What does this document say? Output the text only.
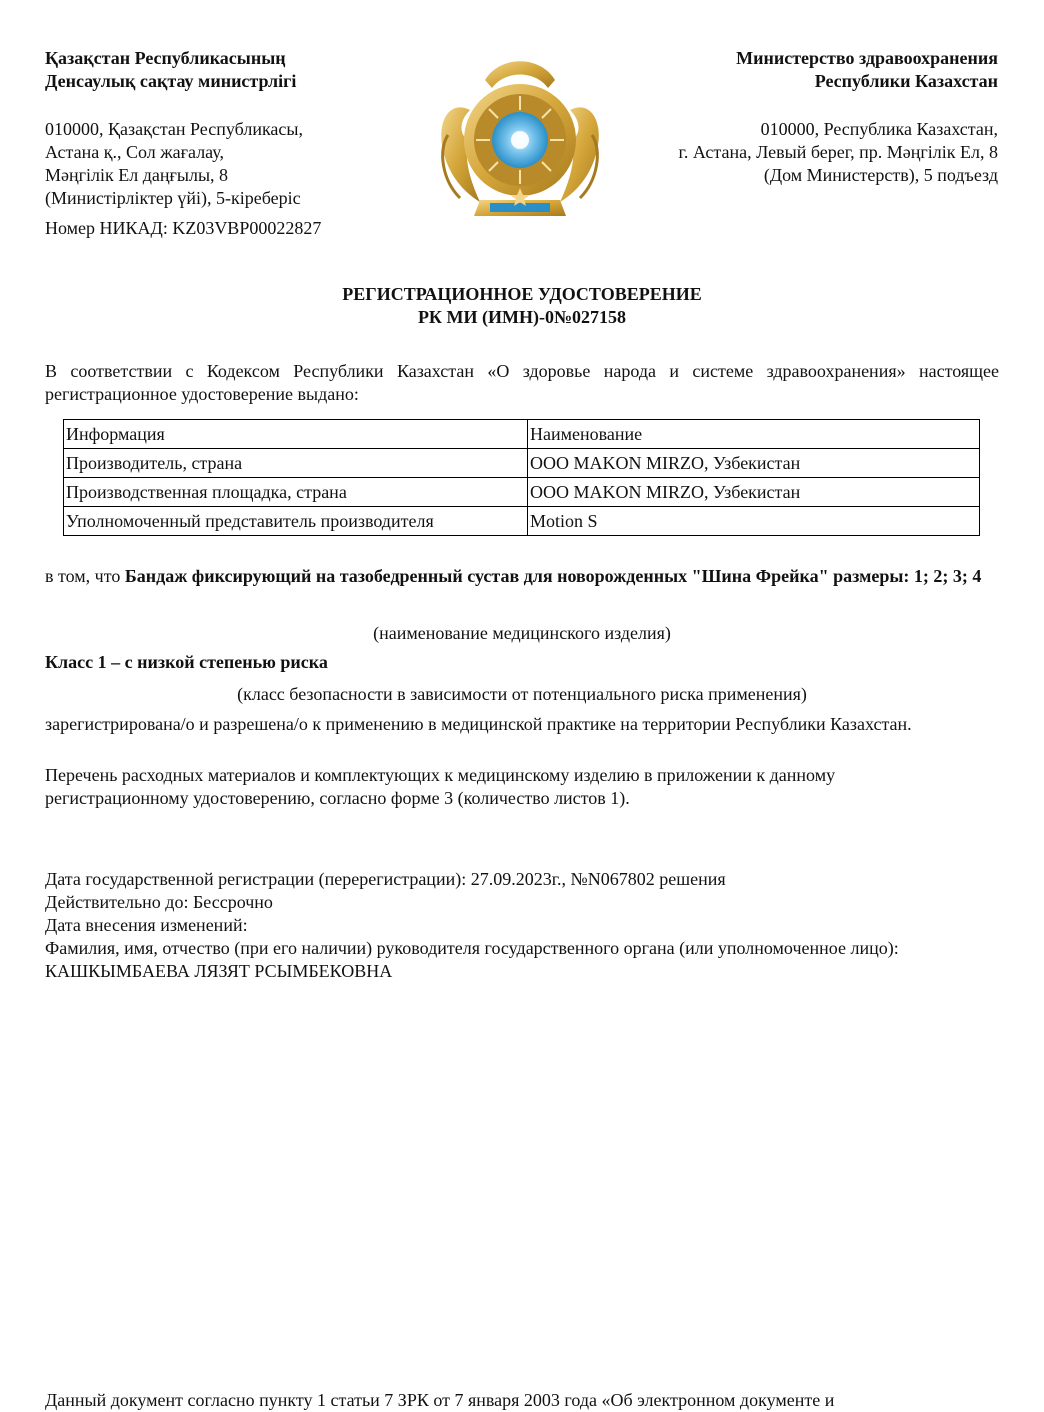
Қазақстан Республикасының
Денсаулық сақтау министрлігі
010000, Қазақстан Республикасы,
Астана қ., Сол жағалау,
Мәңгілік Ел даңғылы, 8
(Министірліктер үйі), 5-кіреберіс
Номер НИКАД: KZ03VBP00022827
Министерство здравоохранения
Республики Казахстан
010000, Республика Казахстан,
г. Астана, Левый берег, пр. Мәңгілік Ел, 8
(Дом Министерств), 5 подъезд
РЕГИСТРАЦИОННОЕ УДОСТОВЕРЕНИЕ
РК МИ (ИМН)-0№027158
В соответствии с Кодексом Республики Казахстан «О здоровье народа и системе здравоохранения» настоящее регистрационное удостоверение выдано:
Информация	Наименование
Производитель, страна	ООО MAKON MIRZO, Узбекистан
Производственная площадка, страна	ООО MAKON MIRZO, Узбекистан
Уполномоченный представитель производителя	Motion S
в том, что Бандаж фиксирующий на тазобедренный сустав для новорожденных "Шина Фрейка" размеры: 1; 2; 3; 4
(наименование медицинского изделия)
Класс 1 – с низкой степенью риска
(класс безопасности в зависимости от потенциального риска применения)
зарегистрирована/о и разрешена/о к применению в медицинской практике на территории Республики Казахстан.
Перечень расходных материалов и комплектующих к медицинскому изделию в приложении к данному регистрационному удостоверению, согласно форме 3 (количество листов 1).
Дата государственной регистрации (перерегистрации): 27.09.2023г., №N067802 решения
Действительно до: Бессрочно
Дата внесения изменений:
Фамилия, имя, отчество (при его наличии) руководителя государственного органа (или уполномоченное лицо): КАШКЫМБАЕВА ЛЯЗЯТ РСЫМБЕКОВНА
Данный документ согласно пункту 1 статьи 7 ЗРК от 7 января 2003 года «Об электронном документе и
